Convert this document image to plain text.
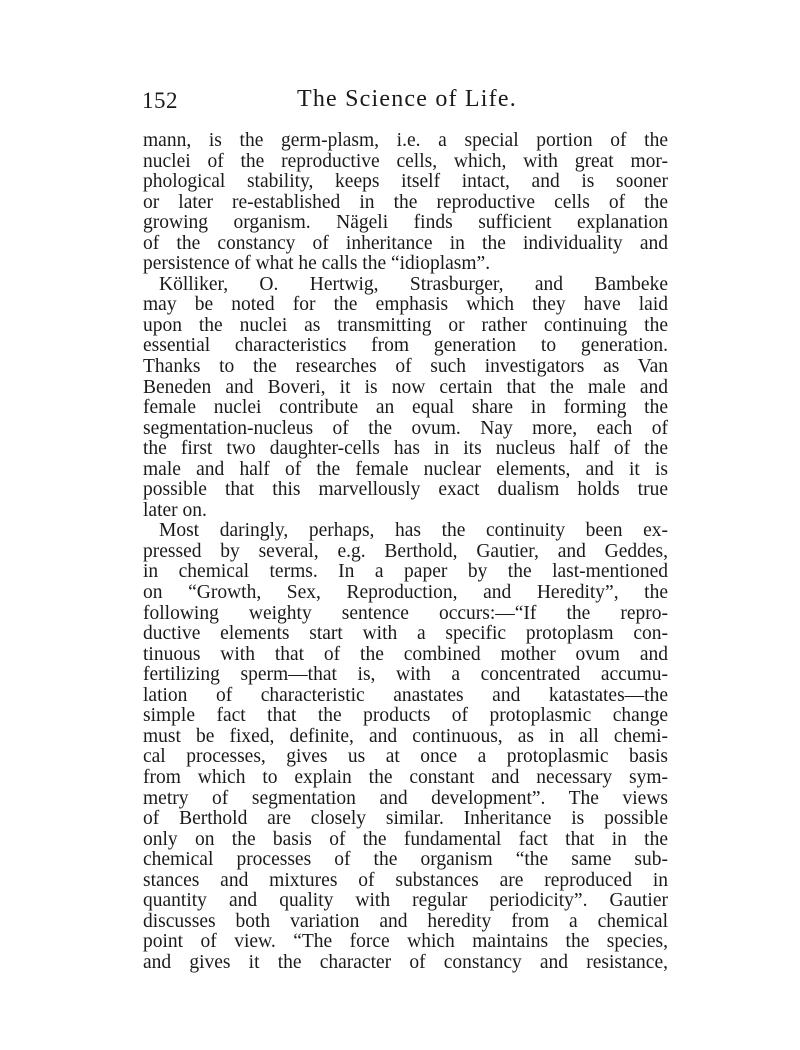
152	The Science of Life.
mann, is the germ-plasm, i.e. a special portion of the
nuclei of the reproductive cells, which, with great mor-
phological stability, keeps itself intact, and is sooner
or later re-established in the reproductive cells of the
growing organism. Nägeli finds sufficient explanation
of the constancy of inheritance in the individuality and
persistence of what he calls the “idioplasm”.
Kölliker, O. Hertwig, Strasburger, and Bambeke
may be noted for the emphasis which they have laid
upon the nuclei as transmitting or rather continuing the
essential characteristics from generation to generation.
Thanks to the researches of such investigators as Van
Beneden and Boveri, it is now certain that the male and
female nuclei contribute an equal share in forming the
segmentation-nucleus of the ovum. Nay more, each of
the first two daughter-cells has in its nucleus half of the
male and half of the female nuclear elements, and it is
possible that this marvellously exact dualism holds true
later on.
Most daringly, perhaps, has the continuity been ex-
pressed by several, e.g. Berthold, Gautier, and Geddes,
in chemical terms. In a paper by the last-mentioned
on “Growth, Sex, Reproduction, and Heredity”, the
following weighty sentence occurs:—“If the repro-
ductive elements start with a specific protoplasm con-
tinuous with that of the combined mother ovum and
fertilizing sperm—that is, with a concentrated accumu-
lation of characteristic anastates and katastates—the
simple fact that the products of protoplasmic change
must be fixed, definite, and continuous, as in all chemi-
cal processes, gives us at once a protoplasmic basis
from which to explain the constant and necessary sym-
metry of segmentation and development”. The views
of Berthold are closely similar. Inheritance is possible
only on the basis of the fundamental fact that in the
chemical processes of the organism “the same sub-
stances and mixtures of substances are reproduced in
quantity and quality with regular periodicity”. Gautier
discusses both variation and heredity from a chemical
point of view. “The force which maintains the species,
and gives it the character of constancy and resistance,
